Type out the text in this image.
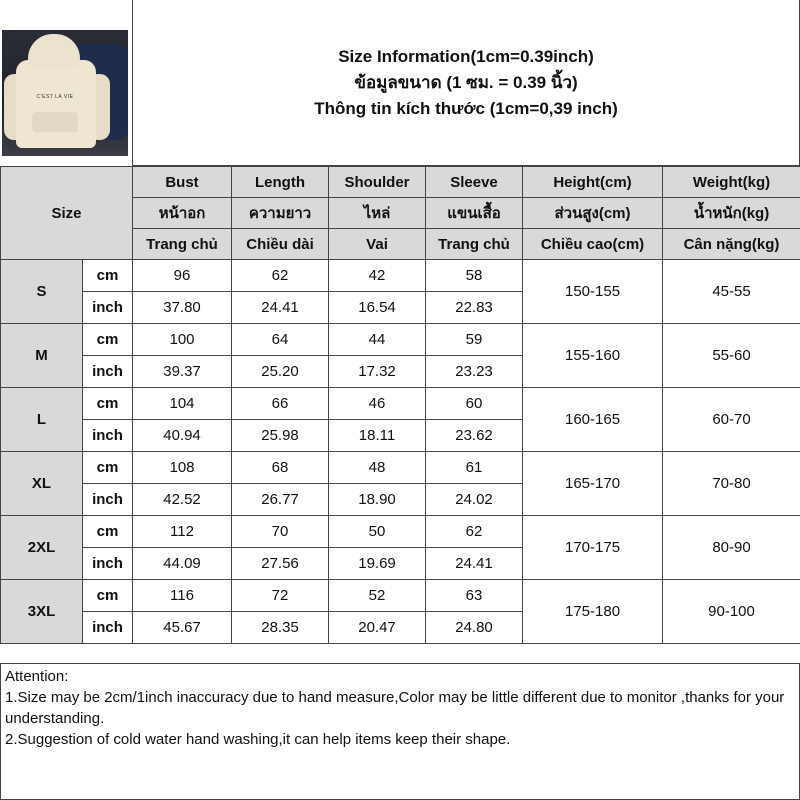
C'EST LA VIE
Size Information(1cm=0.39inch)
ข้อมูลขนาด (1 ซม. = 0.39 นิ้ว)
Thông tin kích thước (1cm=0,39 inch)
Size		Bust	Length	Shoulder	Sleeve	Height(cm)	Weight(kg)
		หน้าอก	ความยาว	ไหล่	แขนเสื้อ	ส่วนสูง(cm)	น้ำหนัก(kg)
		Trang chủ	Chiều dài	Vai	Trang chủ	Chiều cao(cm)	Cân nặng(kg)
S	cm	96	62	42	58	150-155	45-55
	inch	37.80	24.41	16.54	22.83		
M	cm	100	64	44	59	155-160	55-60
	inch	39.37	25.20	17.32	23.23		
L	cm	104	66	46	60	160-165	60-70
	inch	40.94	25.98	18.11	23.62		
XL	cm	108	68	48	61	165-170	70-80
	inch	42.52	26.77	18.90	24.02		
2XL	cm	112	70	50	62	170-175	80-90
	inch	44.09	27.56	19.69	24.41		
3XL	cm	116	72	52	63	175-180	90-100
	inch	45.67	28.35	20.47	24.80		

Attention:

1.Size may be 2cm/1inch inaccuracy due to hand measure,Color may be little different due to monitor ,thanks for your understanding.

2.Suggestion of cold water hand washing,it can help items keep their shape.
